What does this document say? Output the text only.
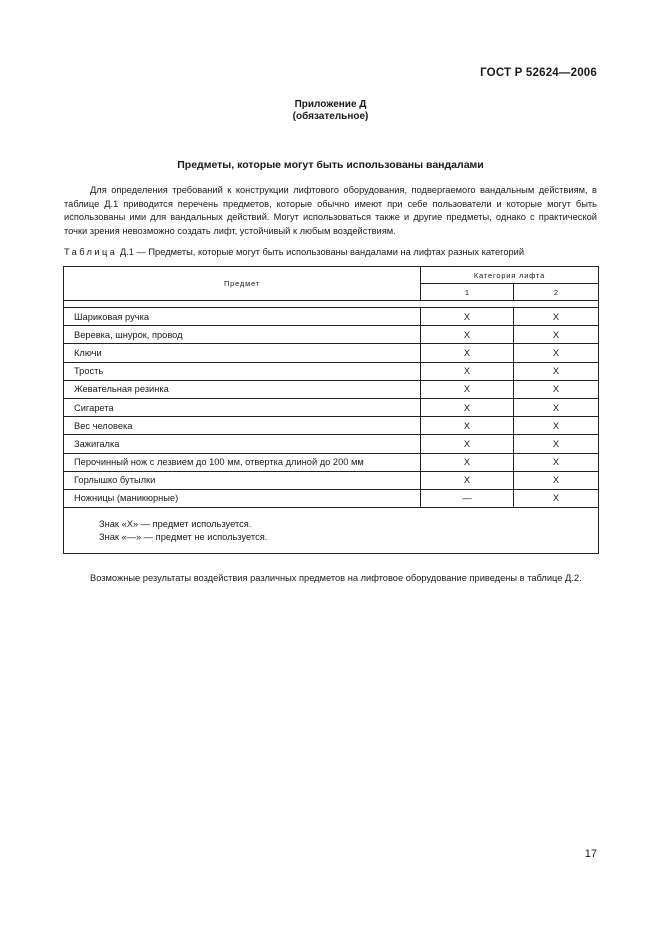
ГОСТ Р 52624—2006
Приложение Д
(обязательное)
Предметы, которые могут быть использованы вандалами

Для определения требований к конструкции лифтового оборудования, подвергаемого вандальным действиям, в таблице Д.1 приводится перечень предметов, которые обычно имеют при себе пользователи и которые могут быть использованы ими для вандальных действий. Могут использоваться также и другие предметы, однако с практической точки зрения невозможно создать лифт, устойчивый к любым воздействиям.

Таблица Д.1 — Предметы, которые могут быть использованы вандалами на лифтах разных категорий
Предмет	Категория лифта	
	1	2

Шариковая ручка	X	X
Веревка, шнурок, провод	X	X
Ключи	X	X
Трость	X	X
Жевательная резинка	X	X
Сигарета	X	X
Вес человека	X	X
Зажигалка	X	X
Перочинный нож с лезвием до 100 мм, отвертка длиной до 200 мм	X	X
Горлышко бутылки	X	X
Ножницы (маникюрные)	—	X

Знак «X» — предмет используется.
Знак «—» — предмет не используется.		

Возможные результаты воздействия различных предметов на лифтовое оборудование приведены в таблице Д.2.

17
